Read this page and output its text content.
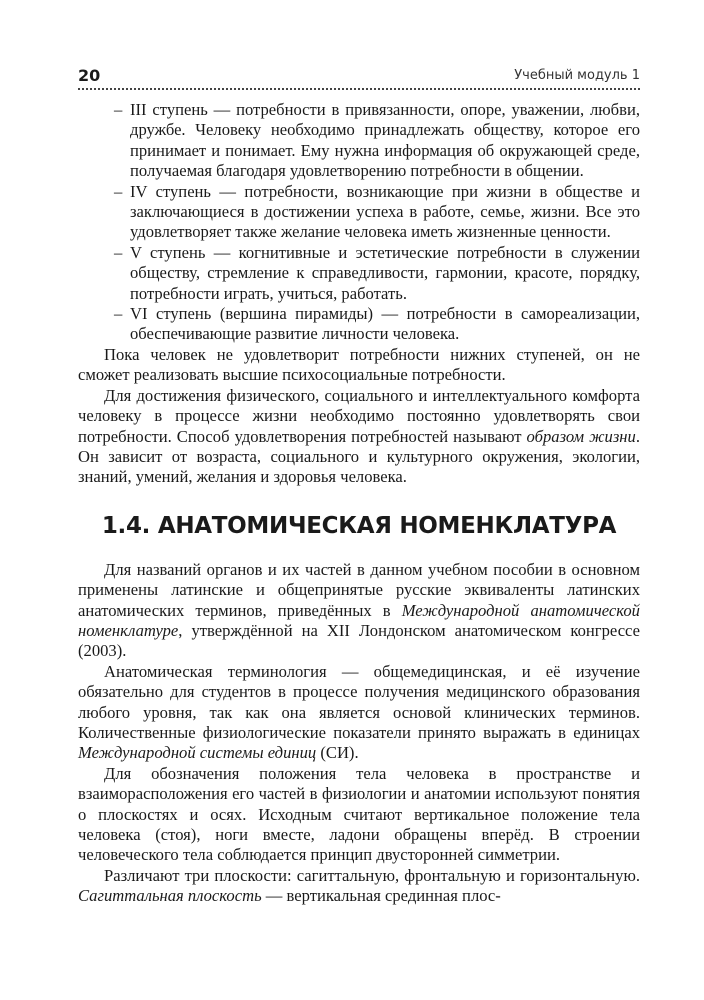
20	Учебный модуль 1
– III ступень — потребности в привязанности, опоре, уважении, любви, дружбе. Человеку необходимо принадлежать обществу, которое его принимает и понимает. Ему нужна информация об окружающей среде, получаемая благодаря удовлетворению потребности в общении.
– IV ступень — потребности, возникающие при жизни в обществе и заключающиеся в достижении успеха в работе, семье, жизни. Все это удовлетворяет также желание человека иметь жизненные ценности.
– V ступень — когнитивные и эстетические потребности в служении обществу, стремление к справедливости, гармонии, красоте, порядку, потребности играть, учиться, работать.
– VI ступень (вершина пирамиды) — потребности в самореализации, обеспечивающие развитие личности человека.

Пока человек не удовлетворит потребности нижних ступеней, он не сможет реализовать высшие психосоциальные потребности.

Для достижения физического, социального и интеллектуального комфорта человеку в процессе жизни необходимо постоянно удовлетворять свои потребности. Способ удовлетворения потребностей называют образом жизни. Он зависит от возраста, социального и культурного окружения, экологии, знаний, умений, желания и здоровья человека.

1.4. АНАТОМИЧЕСКАЯ НОМЕНКЛАТУРА

Для названий органов и их частей в данном учебном пособии в основном применены латинские и общепринятые русские эквиваленты латинских анатомических терминов, приведённых в Международной анатомической номенклатуре, утверждённой на XII Лондонском анатомическом конгрессе (2003).

Анатомическая терминология — общемедицинская, и её изучение обязательно для студентов в процессе получения медицинского образования любого уровня, так как она является основой клинических терминов. Количественные физиологические показатели принято выражать в единицах Международной системы единиц (СИ).

Для обозначения положения тела человека в пространстве и взаиморасположения его частей в физиологии и анатомии используют понятия о плоскостях и осях. Исходным считают вертикальное положение тела человека (стоя), ноги вместе, ладони обращены вперёд. В строении человеческого тела соблюдается принцип двусторонней симметрии.

Различают три плоскости: сагиттальную, фронтальную и горизонтальную. Сагиттальная плоскость — вертикальная срединная плос-
